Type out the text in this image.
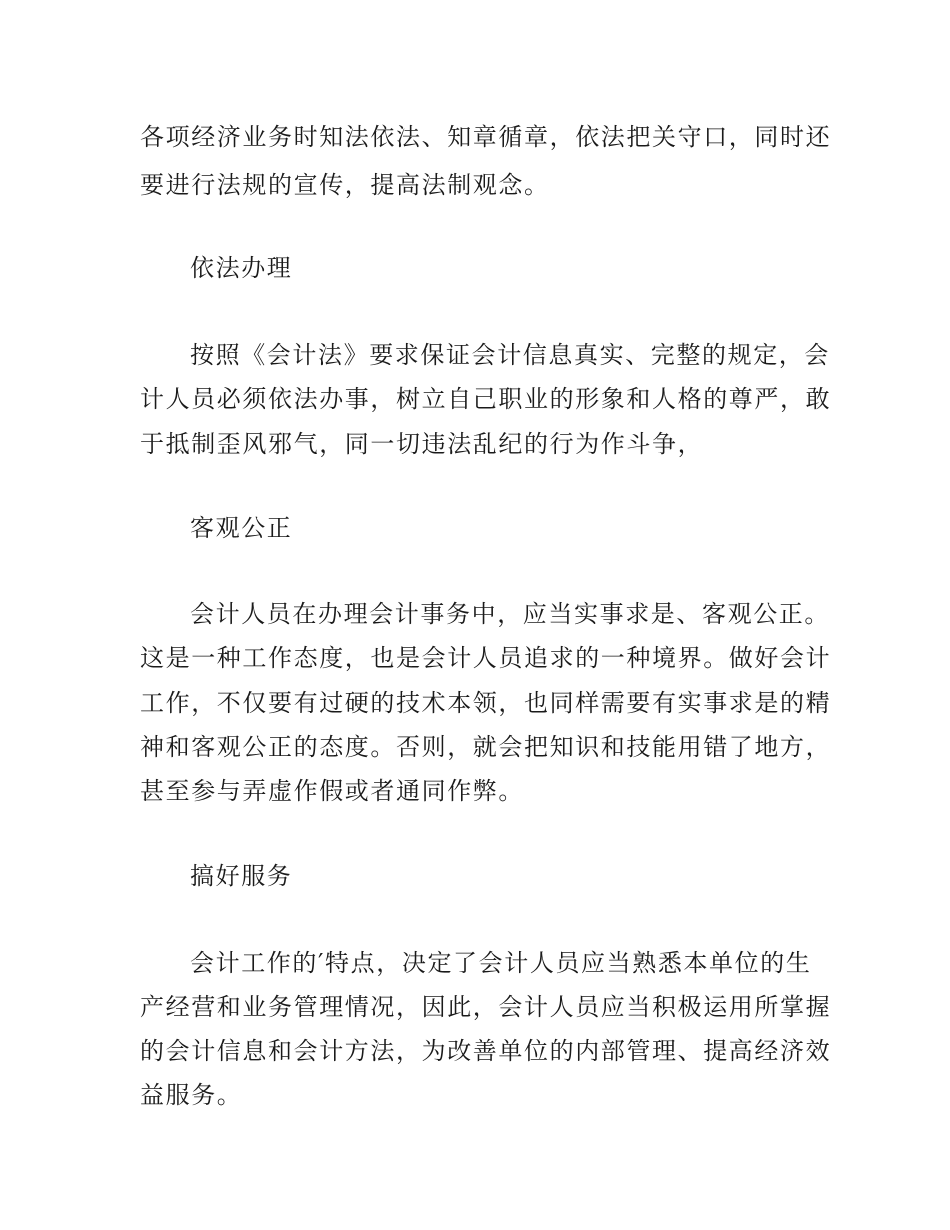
各项经济业务时知法依法、知章循章，依法把关守口，同时还

要进行法规的宣传，提高法制观念。

依法办理

按照《会计法》要求保证会计信息真实、完整的规定，会

计人员必须依法办事，树立自己职业的形象和人格的尊严，敢

于抵制歪风邪气，同一切违法乱纪的行为作斗争，

客观公正

会计人员在办理会计事务中，应当实事求是、客观公正。

这是一种工作态度，也是会计人员追求的一种境界。做好会计

工作，不仅要有过硬的技术本领，也同样需要有实事求是的精

神和客观公正的态度。否则，就会把知识和技能用错了地方，

甚至参与弄虚作假或者通同作弊。

搞好服务

会计工作的′特点，决定了会计人员应当熟悉本单位的生

产经营和业务管理情况，因此，会计人员应当积极运用所掌握

的会计信息和会计方法，为改善单位的内部管理、提高经济效

益服务。
